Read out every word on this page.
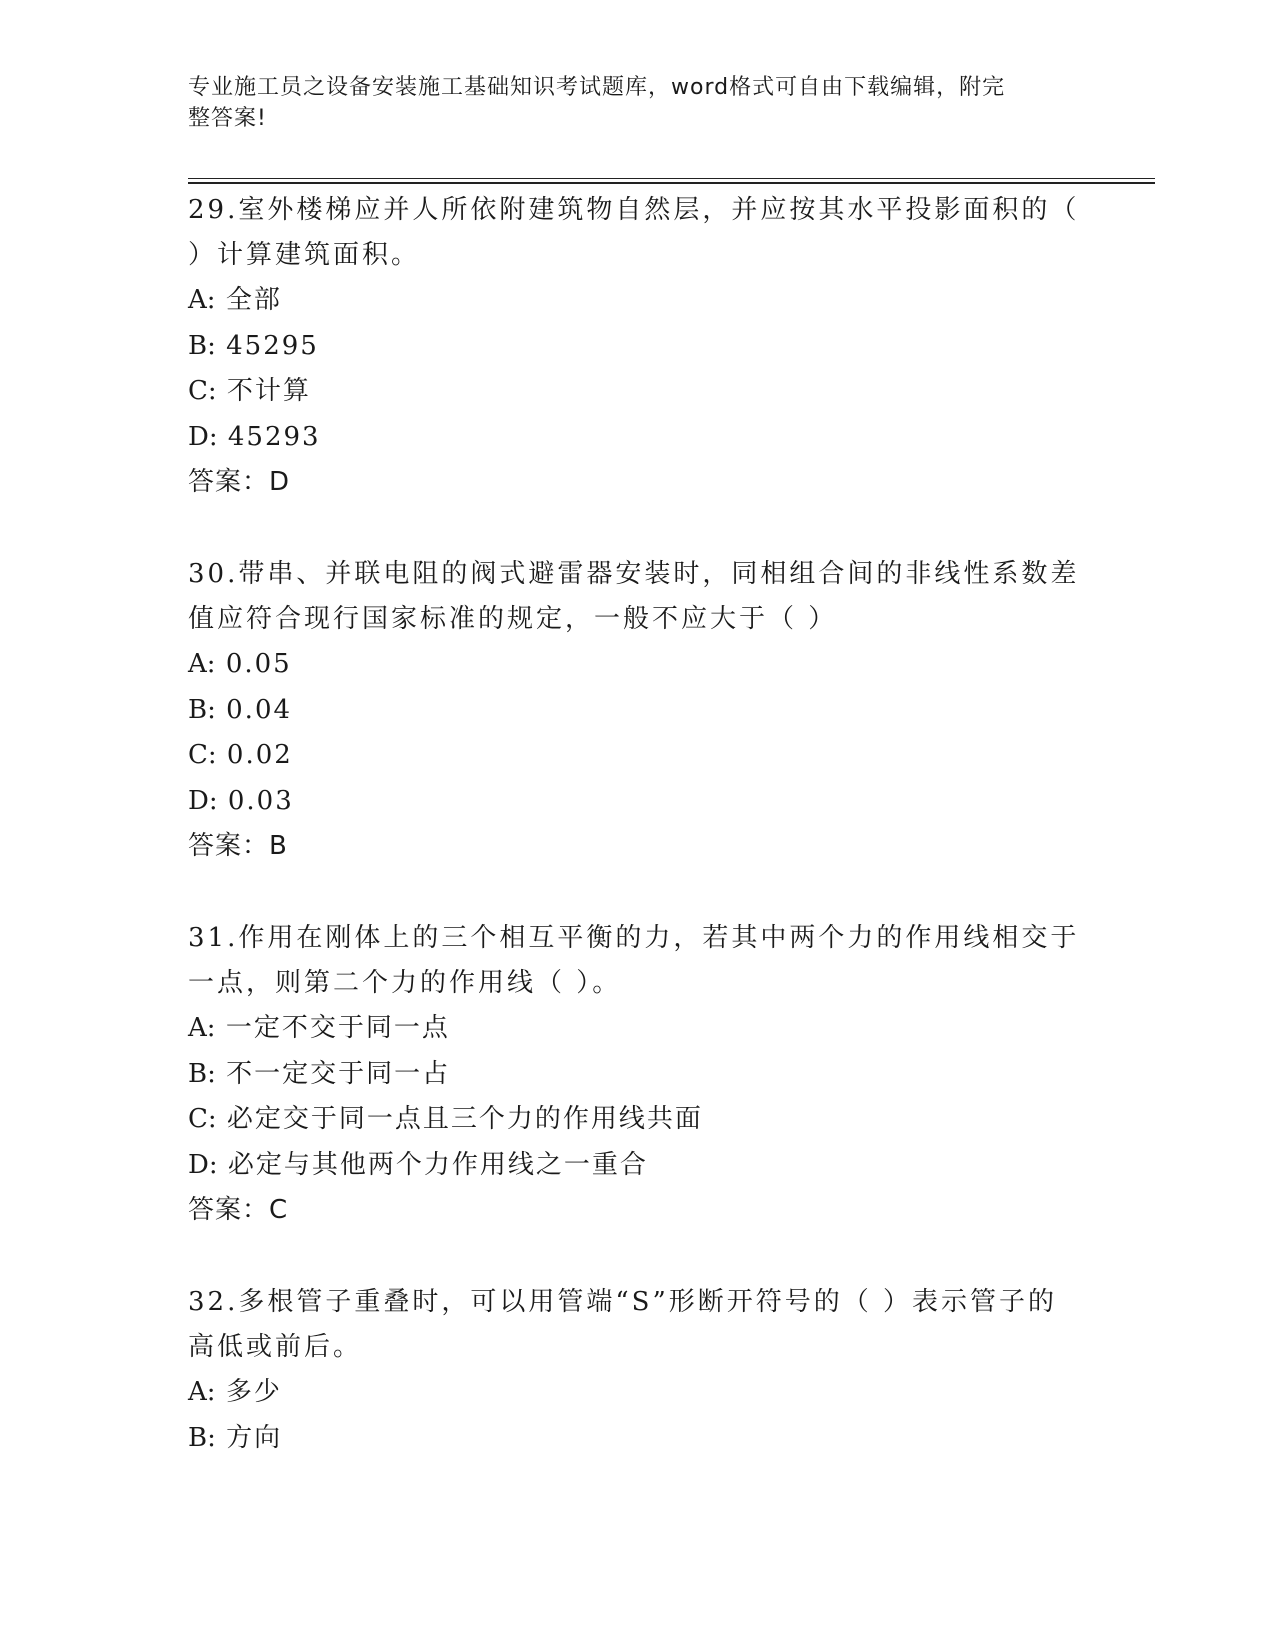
专业施工员之设备安装施工基础知识考试题库，word格式可自由下载编辑，附完
整答案!

29.室外楼梯应并人所依附建筑物自然层，并应按其水平投影面积的（

）计算建筑面积。

A: 全部

B: 45295

C: 不计算

D: 45293

答案：D

30.带串、并联电阻的阀式避雷器安装时，同相组合间的非线性系数差

值应符合现行国家标准的规定，一般不应大于（ ）

A: 0.05

B: 0.04

C: 0.02

D: 0.03

答案：B

31.作用在刚体上的三个相互平衡的力，若其中两个力的作用线相交于

一点，则第二个力的作用线（ ）。

A: 一定不交于同一点

B: 不一定交于同一占

C: 必定交于同一点且三个力的作用线共面

D: 必定与其他两个力作用线之一重合

答案：C

32.多根管子重叠时，可以用管端“S”形断开符号的（ ）表示管子的

高低或前后。

A: 多少

B: 方向
